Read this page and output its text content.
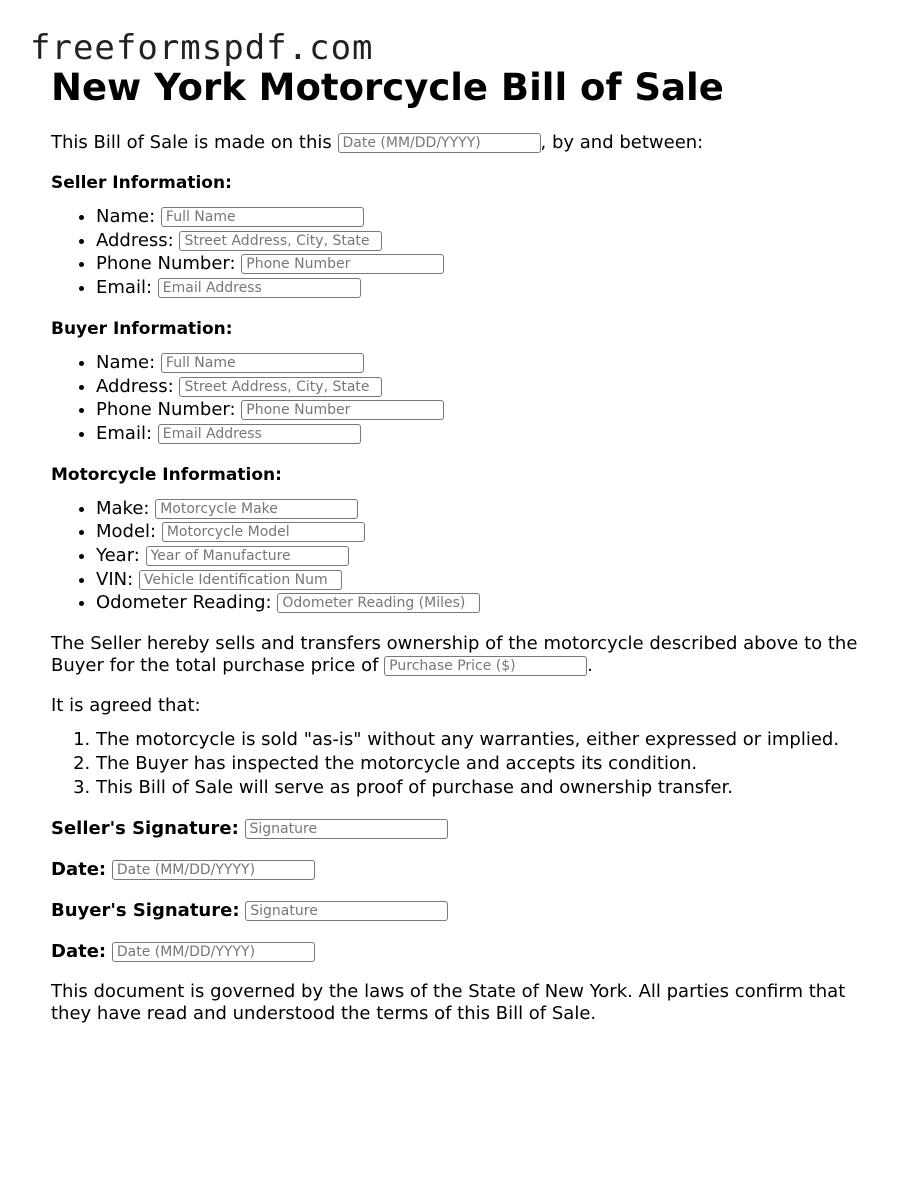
freeformspdf.com
New York Motorcycle Bill of Sale

This Bill of Sale is made on this Date (MM/DD/YYYY)	, by and between:

Seller Information:
• Name: Full Name
• Address: Street Address, City, State
• Phone Number: Phone Number
• Email: Email Address
Buyer Information:
• Name: Full Name
• Address: Street Address, City, State
• Phone Number: Phone Number
• Email: Email Address
Motorcycle Information:
• Make: Motorcycle Make
• Model: Motorcycle Model
• Year: Year of Manufacture
• VIN: Vehicle Identification Num
• Odometer Reading: Odometer Reading (Miles)

The Seller hereby sells and transfers ownership of the motorcycle described above to the Buyer for the total purchase price of Purchase Price ($)	.

It is agreed that:

1. The motorcycle is sold "as-is" without any warranties, either expressed or implied.
2. The Buyer has inspected the motorcycle and accepts its condition.
3. This Bill of Sale will serve as proof of purchase and ownership transfer.
Seller's Signature: Signature
Date: Date (MM/DD/YYYY)
Buyer's Signature: Signature
Date: Date (MM/DD/YYYY)

This document is governed by the laws of the State of New York. All parties confirm that they have read and understood the terms of this Bill of Sale.
